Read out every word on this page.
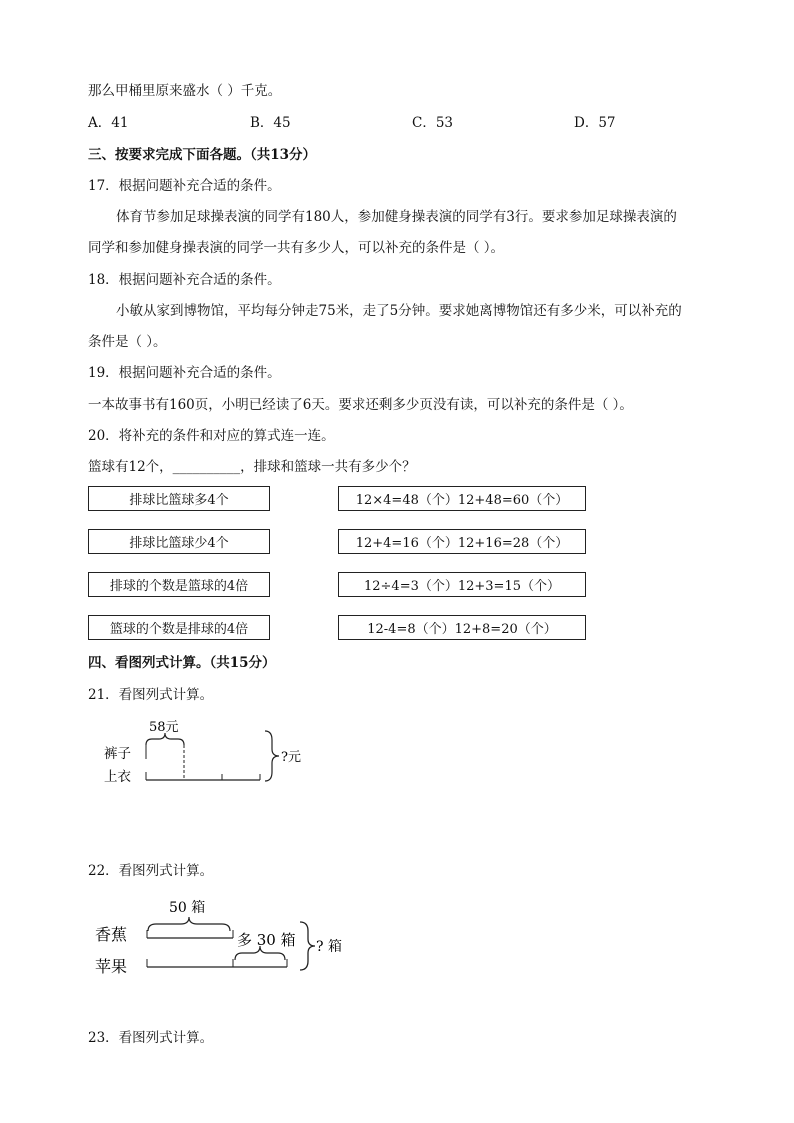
那么甲桶里原来盛水（ ）千克。
A．41	B．45	C．53	D．57
三、按要求完成下面各题。（共13分）
17．根据问题补充合适的条件。
体育节参加足球操表演的同学有180人，参加健身操表演的同学有3行。要求参加足球操表演的
同学和参加健身操表演的同学一共有多少人，可以补充的条件是（ ）。
18．根据问题补充合适的条件。
小敏从家到博物馆，平均每分钟走75米，走了5分钟。要求她离博物馆还有多少米，可以补充的
条件是（ ）。
19．根据问题补充合适的条件。
一本故事书有160页，小明已经读了6天。要求还剩多少页没有读，可以补充的条件是（ ）。
20．将补充的条件和对应的算式连一连。
篮球有12个，__________，排球和篮球一共有多少个？
排球比篮球多4个
排球比篮球少4个
排球的个数是篮球的4倍
篮球的个数是排球的4倍
12×4=48（个）12+48=60（个）
12+4=16（个）12+16=28（个）
12÷4=3（个）12+3=15（个）
12-4=8（个）12+8=20（个）
四、看图列式计算。（共15分）
21．看图列式计算。
58元
裤子
上衣
?元
50 箱
香蕉
苹果
多 30 箱 ? 箱
22．看图列式计算。
23．看图列式计算。
